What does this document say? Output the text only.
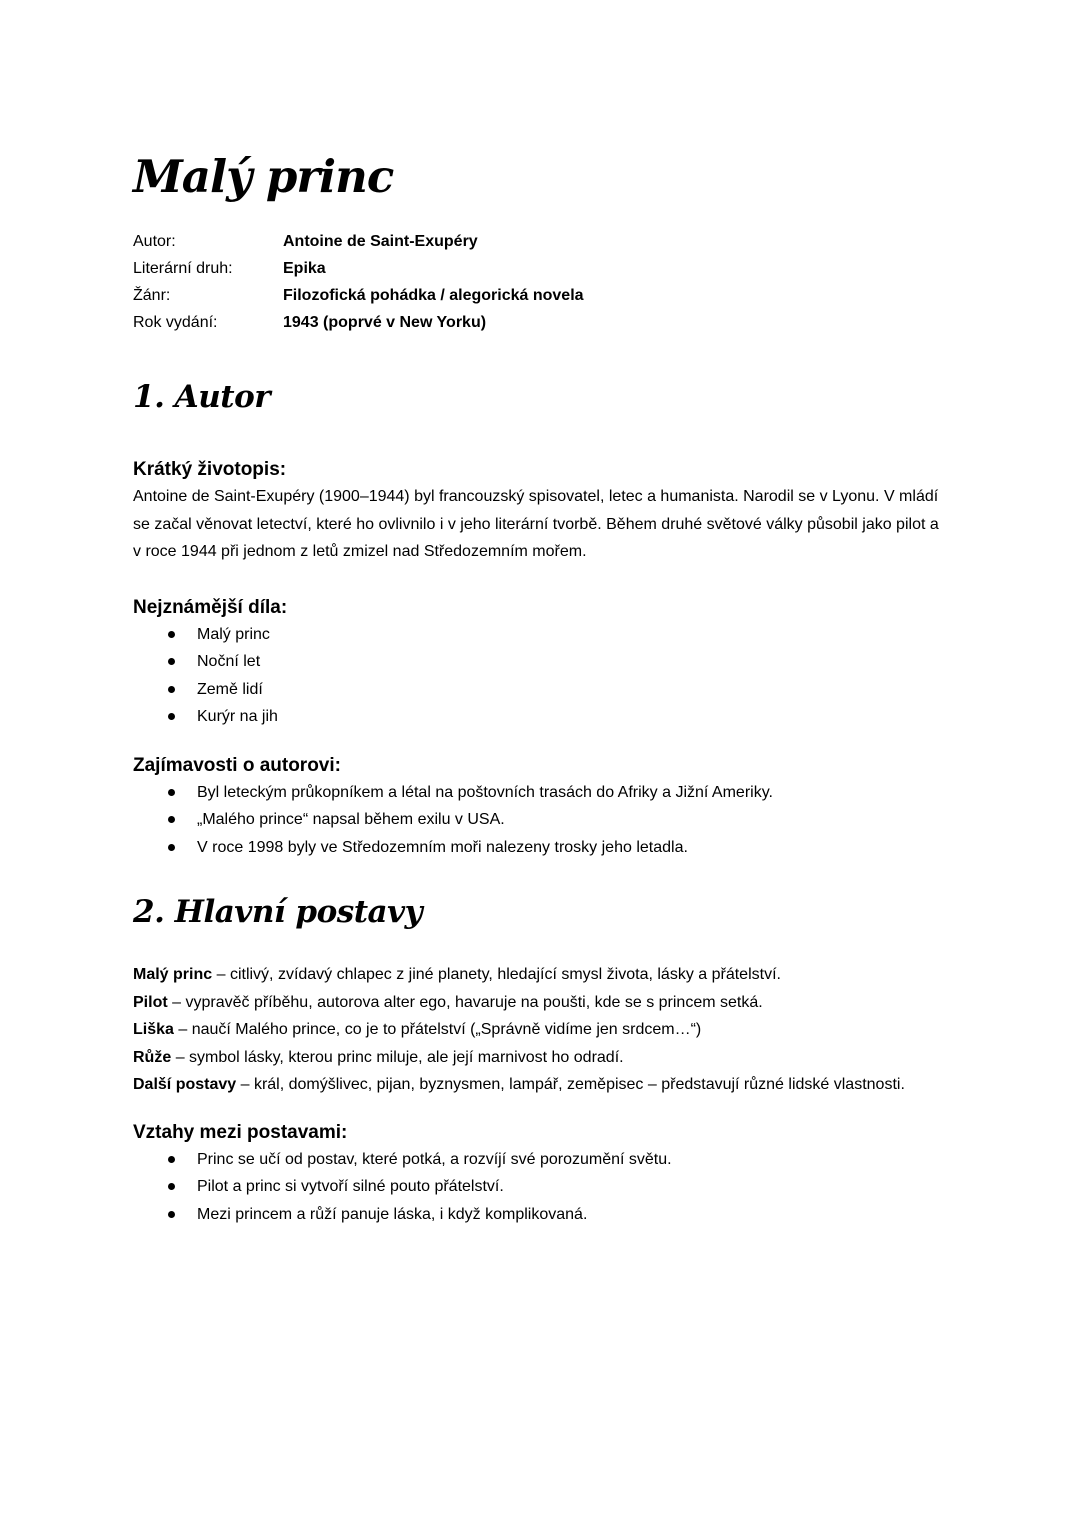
Malý princ
Autor:	Antoine de Saint-Exupéry
Literární druh:	Epika
Žánr:	Filozofická pohádka / alegorická novela
Rok vydání:	1943 (poprvé v New Yorku)
1. Autor
Krátký životopis:

Antoine de Saint-Exupéry (1900–1944) byl francouzský spisovatel, letec a humanista. Narodil se v Lyonu. V mládí se začal věnovat letectví, které ho ovlivnilo i v jeho literární tvorbě. Během druhé světové války působil jako pilot a v roce 1944 při jednom z letů zmizel nad Středozemním mořem.

Nejznámější díla:
Malý princ
Noční let
Země lidí
Kurýr na jih
Zajímavosti o autorovi:
Byl leteckým průkopníkem a létal na poštovních trasách do Afriky a Jižní Ameriky.
„Malého prince“ napsal během exilu v USA.
V roce 1998 byly ve Středozemním moři nalezeny trosky jeho letadla.
2. Hlavní postavy
Malý princ – citlivý, zvídavý chlapec z jiné planety, hledající smysl života, lásky a přátelství.
Pilot – vypravěč příběhu, autorova alter ego, havaruje na poušti, kde se s princem setká.
Liška – naučí Malého prince, co je to přátelství („Správně vidíme jen srdcem…“)
Růže – symbol lásky, kterou princ miluje, ale její marnivost ho odradí.
Další postavy – král, domýšlivec, pijan, byznysmen, lampář, zeměpisec – představují různé lidské vlastnosti.
Vztahy mezi postavami:
Princ se učí od postav, které potká, a rozvíjí své porozumění světu.
Pilot a princ si vytvoří silné pouto přátelství.
Mezi princem a růží panuje láska, i když komplikovaná.
